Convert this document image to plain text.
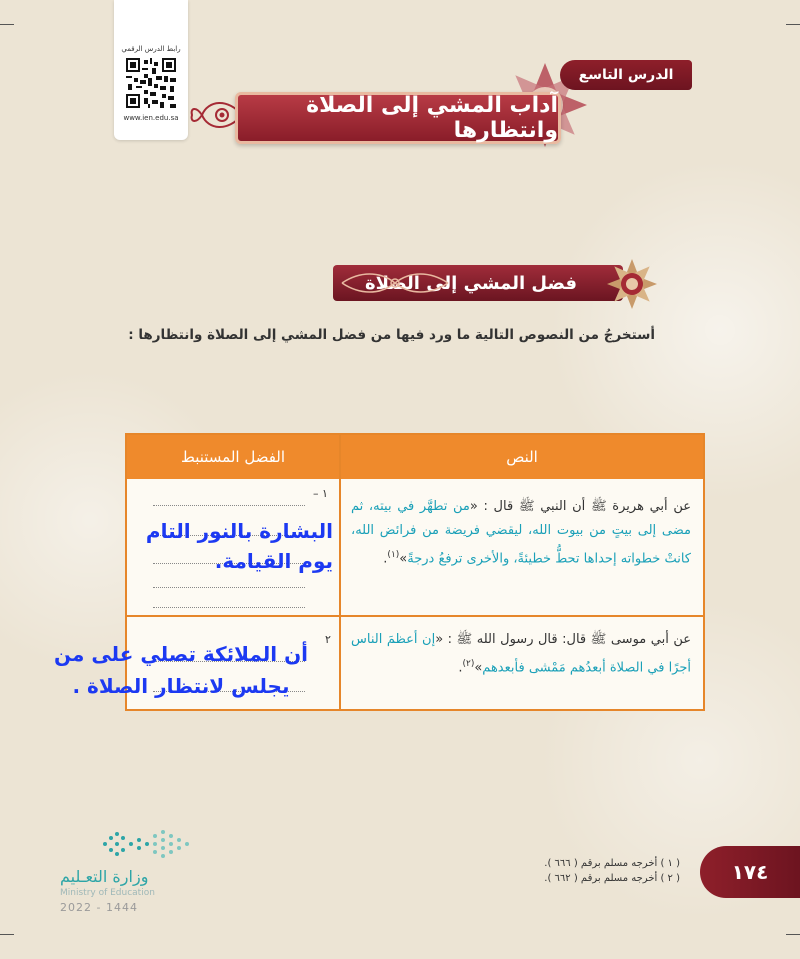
رابط الدرس الرقمي
www.ien.edu.sa	آداب المشي إلى الصلاة وانتظارها
الدرس التاسع
فضل المشي إلى الصلاة
أستخرجُ من النصوص التالية ما ورد فيها من فضل المشي إلى الصلاة وانتظارها :
النص
الفضل المستنبط
عن أبي هريرة ﷺ أن النبي ﷺ قال : «من تطهَّر في بيته، ثم مضى إلى بيتٍ من بيوت الله، ليقضي فريضة من فرائض الله، كانتْ خطواته إحداها تحطُّ خطيئةً، والأخرى ترفعُ درجةً»$^{(١)}$.
عن أبي موسى ﷺ قال: قال رسول الله ﷺ : «إن أعظمَ الناس أجرًا في الصلاة أبعدُهم مَمْشى فأبعدهم»$^{(٢)}$.
١ –
٢
البشارة بالنور التام يوم القيامة.
أن الملائكة تصلي على من يجلس لانتظار الصلاة .
وزارة التعـليم
Ministry of Education
2022 - 1444
( ١ ) أخرجه مسلم برقم ( ٦٦٦ ).
( ٢ ) أخرجه مسلم برقم ( ٦٦٢ ).	١٧٤
